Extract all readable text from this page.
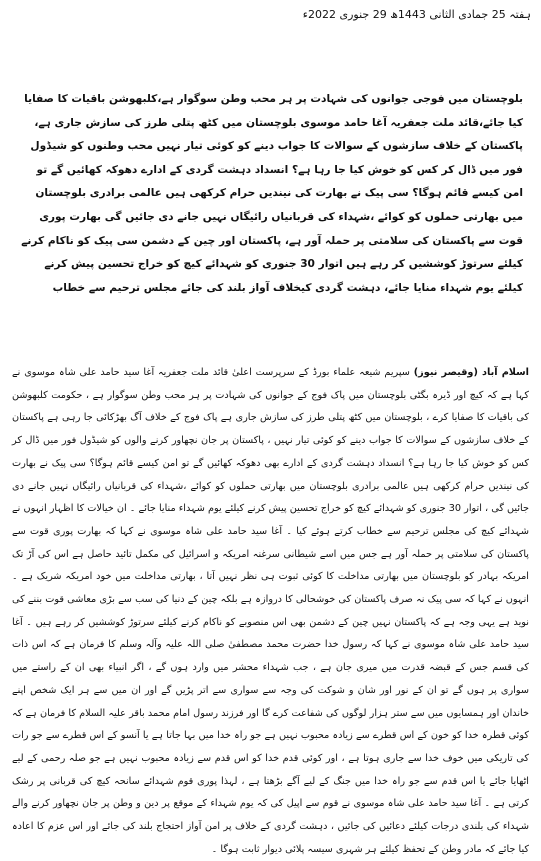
ہفتہ 25 جمادی الثانی 1443ھ 29 جنوری 2022ء

بلوچستان میں فوجی جوانوں کی شہادت پر ہر محب وطن سوگوار ہے،کلبھوشن باقیات کا صفایا کیا جائے،قائد ملت جعفریہ آغا حامد موسوی بلوچستان میں کٹھ پتلی طرز کی سازش جاری ہے، پاکستان کے خلاف سازشوں کے سوالات کا جواب دینے کو کوئی تیار نہیں محب وطنوں کو شیڈول فور میں ڈال کر کس کو خوش کیا جا رہا ہے؟ انسداد دہشت گردی کے ادارے دھوکہ کھائیں گے تو امن کیسے قائم ہوگا؟ سی پیک نے بھارت کی نیندیں حرام کرکھی ہیں عالمی برادری بلوچستان میں بھارتی حملوں کو کوائے ،شہداء کی قربانیاں رائیگاں نہیں جانے دی جائیں گی بھارت پوری قوت سے پاکستان کی سلامتی پر حملہ آور ہے، پاکستان اور چین کے دشمن سی پیک کو ناکام کرنے کیلئے سرتوڑ کوششیں کر رہے ہیں اتوار 30 جنوری کو شہدائے کیچ کو خراج تحسین پیش کرنے کیلئے یوم شہداء منایا جائے، دہشت گردی کیخلاف آواز بلند کی جائے مجلس ترحیم سے خطاب

اسلام آباد (وقیصر نیوز) سپریم شیعہ علماء بورڈ کے سرپرست اعلیٰ قائد ملت جعفریہ آغا سید حامد علی شاہ موسوی نے کہا ہے کہ کیچ اور ڈیرہ بگٹی بلوچستان میں پاک فوج کے جوانوں کی شہادت پر ہر محب وطن سوگوار ہے ، حکومت کلبھوشن کی باقیات کا صفایا کرے ، بلوچستان میں کٹھ پتلی طرز کی سازش جاری ہے پاک فوج کے خلاف آگ بھڑکائی جا رہی ہے پاکستان کے خلاف سازشوں کے سوالات کا جواب دینے کو کوئی تیار نہیں ، پاکستان پر جان نچھاور کرنے والوں کو شیڈول فور میں ڈال کر کس کو خوش کیا جا رہا ہے؟ انسداد دہشت گردی کے ادارے بھی دھوکہ کھائیں گے تو امن کیسے قائم ہوگا؟ سی پیک نے بھارت کی نیندیں حرام کرکھی ہیں عالمی برادری بلوچستان میں بھارتی حملوں کو کوائے ،شہداء کی قربانیاں رائیگاں نہیں جانے دی جائیں گی ، اتوار 30 جنوری کو شہدائے کیچ کو خراج تحسین پیش کرنے کیلئے یوم شہداء منایا جائے ۔ ان خیالات کا اظہار انہوں نے شہدائے کیچ کی مجلس ترحیم سے خطاب کرتے ہوئے کیا ۔ آغا سید حامد علی شاہ موسوی نے کہا کہ بھارت پوری قوت سے پاکستان کی سلامتی پر حملہ آور ہے جس میں اسے شیطانی سرغنہ امریکہ و اسرائیل کی مکمل تائید حاصل ہے اس کی آڑ تک امریکہ بہادر کو بلوچستان میں بھارتی مداخلت کا کوئی ثبوت ہی نظر نہیں آتا ، بھارتی مداخلت میں خود امریکہ شریک ہے ۔ انہوں نے کہا کہ سی پیک نہ صرف پاکستان کی خوشحالی کا دروازہ ہے بلکہ چین کے دنیا کی سب سے بڑی معاشی قوت بننے کی نوید ہے یہی وجہ ہے کہ پاکستان نہیں چین کے دشمن بھی اس منصوبے کو ناکام کرنے کیلئے سرتوڑ کوششیں کر رہے ہیں ۔ آغا سید حامد علی شاہ موسوی نے کہا کہ رسول خدا حضرت محمد مصطفیٰ صلی اللہ علیہ وآلہ وسلم کا فرمان ہے کہ اس ذات کی قسم جس کے قبضہ قدرت میں میری جان ہے ، جب شہداء محشر میں وارد ہوں گے ، اگر انبیاء بھی ان کے راستے میں سواری پر ہوں گے تو ان کے نور اور شان و شوکت کی وجہ سے سواری سے اتر پڑیں گے اور ان میں سے ہر ایک شخص اپنے خاندان اور ہمسایوں میں سے ستر ہزار لوگوں کی شفاعت کرے گا اور فرزند رسول امام محمد باقر علیہ السلام کا فرمان ہے کہ کوئی قطرہ خدا کو خون کے اس قطرے سے زیادہ محبوب نہیں ہے جو راہ خدا میں بہا جاتا ہے یا آنسو کے اس قطرے سے جو رات کی تاریکی میں خوف خدا سے جاری ہوتا ہے ، اور کوئی قدم خدا کو اس قدم سے زیادہ محبوب نہیں ہے جو صلہ رحمی کے لیے اٹھایا جائے یا اس قدم سے جو راہ خدا میں جنگ کے لیے آگے بڑھتا ہے ، لہذا پوری قوم شہدائے سانحہ کیچ کی قربانی پر رشک کرتی ہے ۔ آغا سید حامد علی شاہ موسوی نے قوم سے اپیل کی کہ یوم شہداء کے موقع پر دین و وطن پر جان نچھاور کرنے والے شہداء کی بلندی درجات کیلئے دعائیں کی جائیں ، دہشت گردی کے خلاف پر امن آواز احتجاج بلند کی جائے اور اس عزم کا اعادہ کیا جائے کہ مادر وطن کے تحفظ کیلئے ہر شہری سیسہ پلائی دیوار ثابت ہوگا ۔
